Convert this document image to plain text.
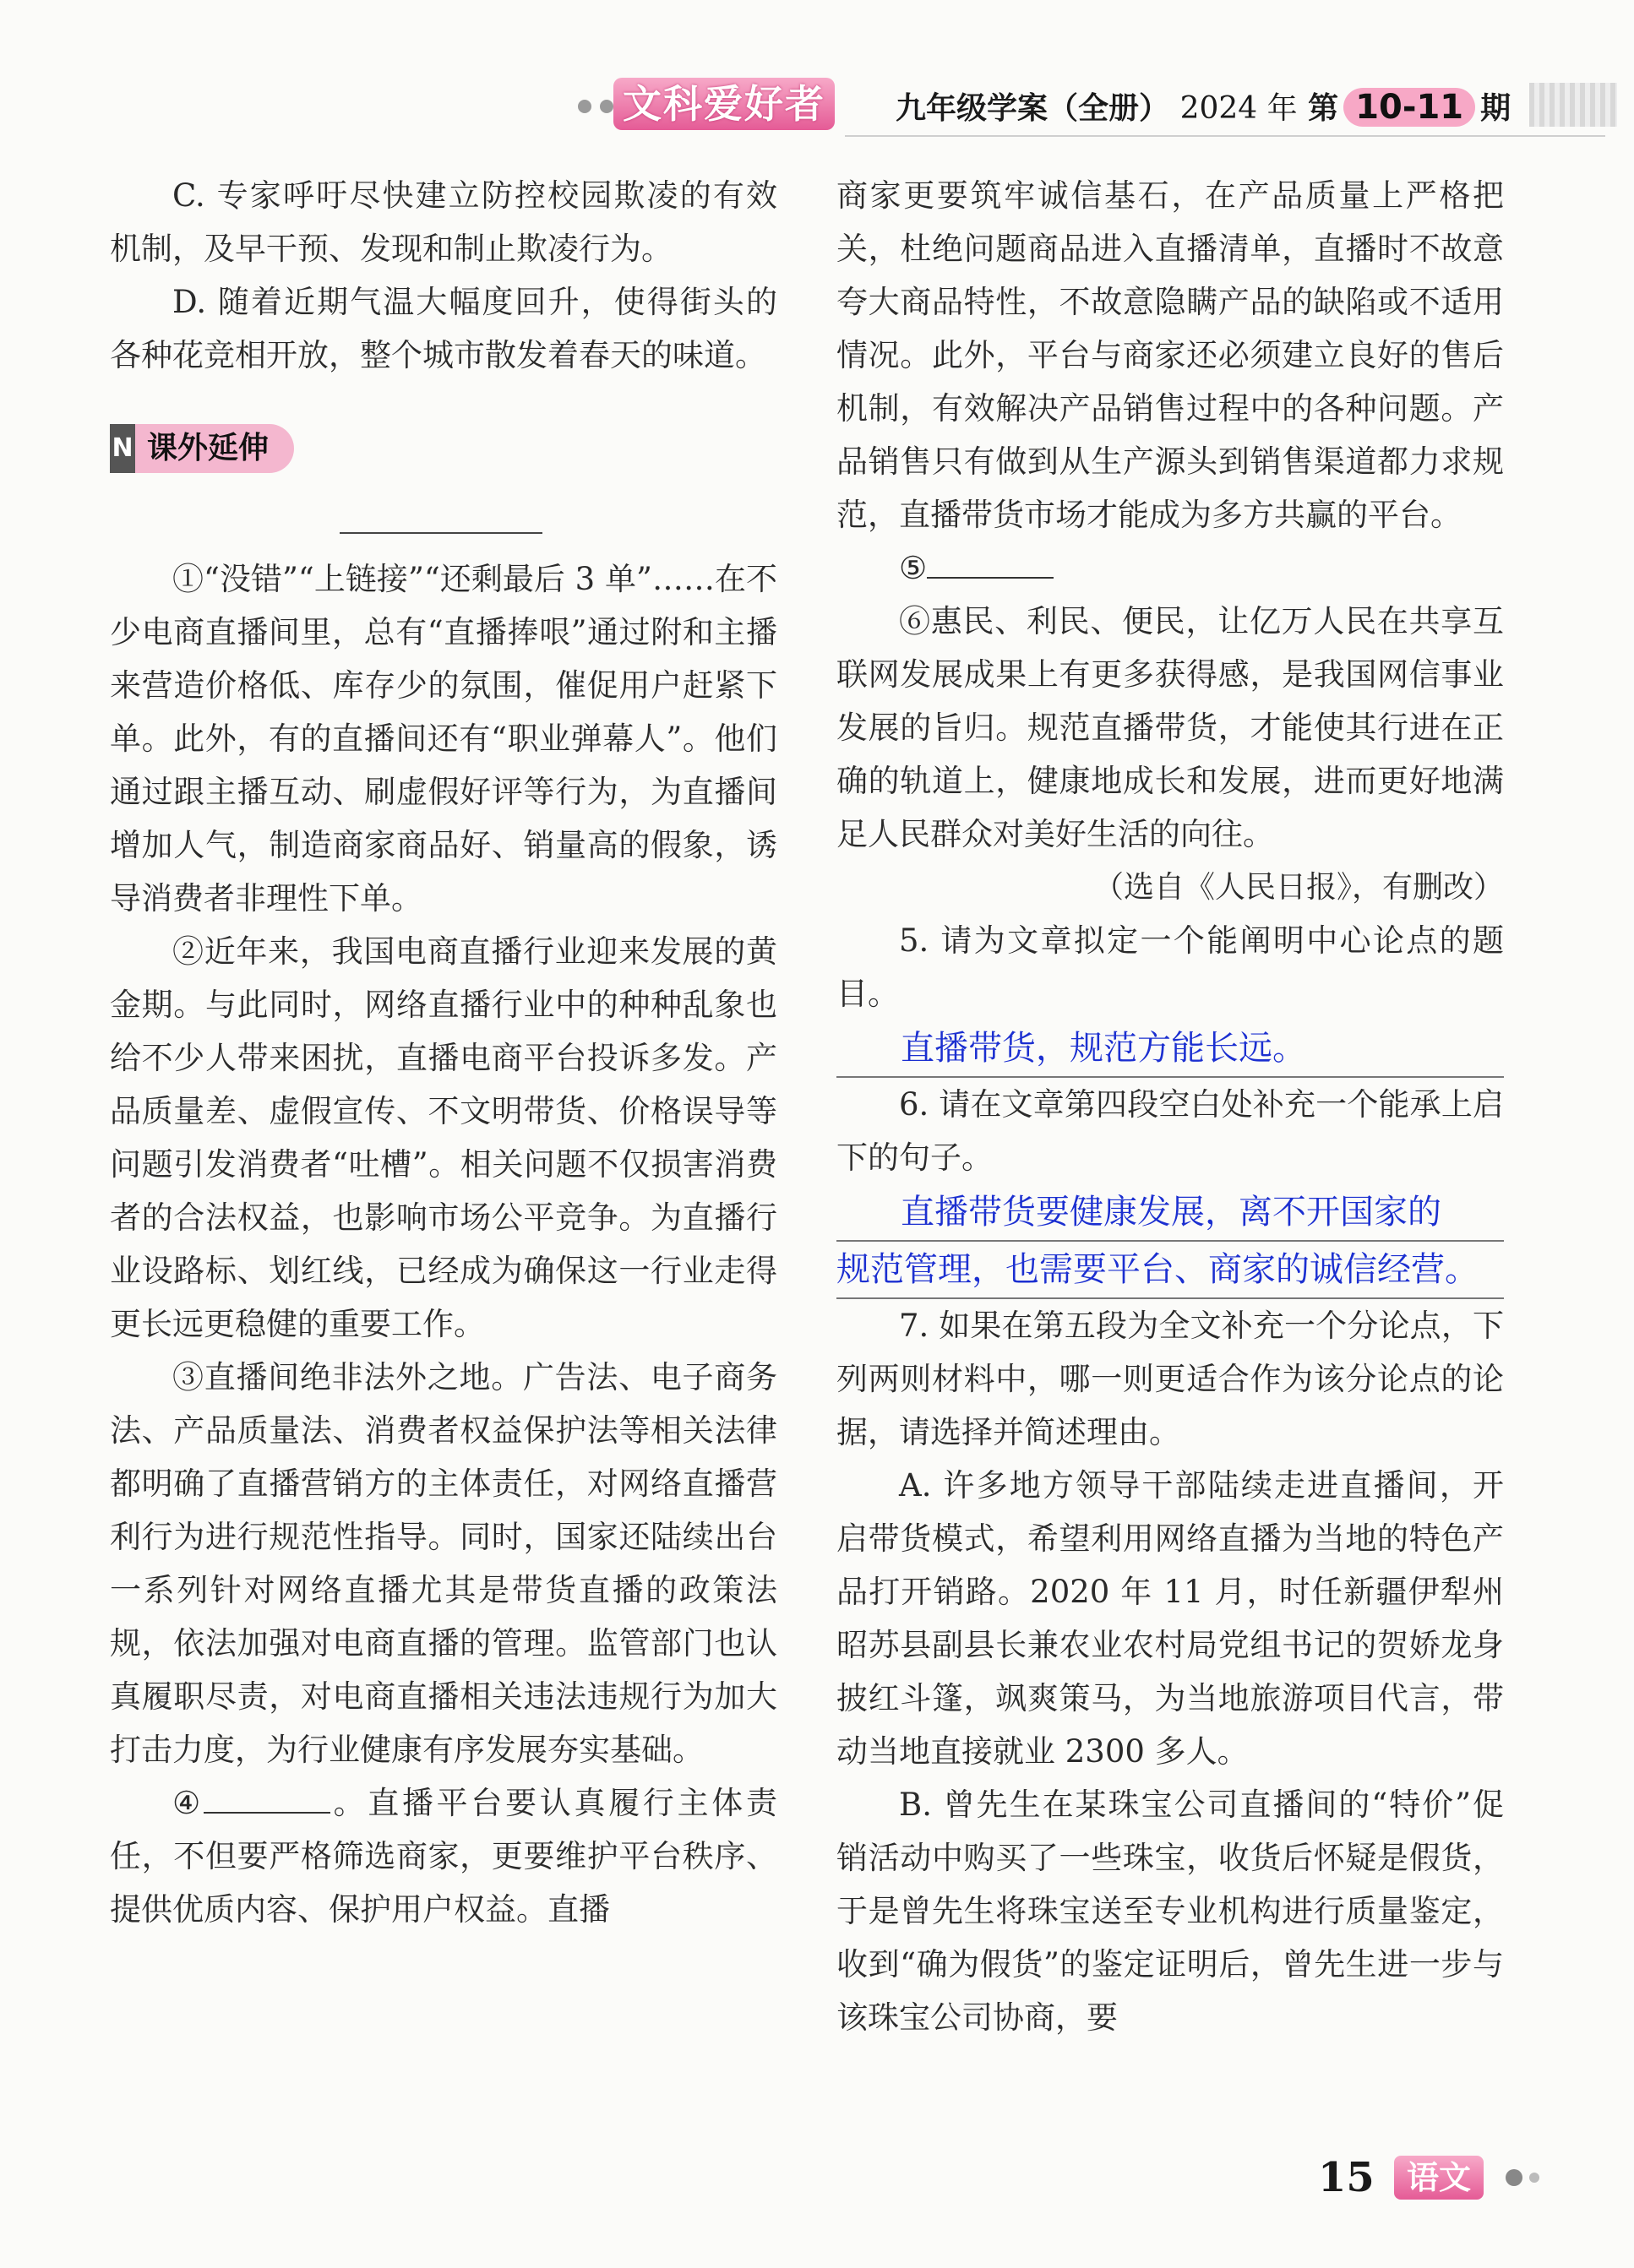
文科爱好者	九年级学案（全册） 2024 年 第 10-11 期

C. 专家呼吁尽快建立防控校园欺凌的有效机制，及早干预、发现和制止欺凌行为。

D. 随着近期气温大幅度回升，使得街头的各种花竞相开放，整个城市散发着春天的味道。

N 课外延伸

①“没错”“上链接”“还剩最后 3 单”……在不少电商直播间里，总有“直播捧哏”通过附和主播来营造价格低、库存少的氛围，催促用户赶紧下单。此外，有的直播间还有“职业弹幕人”。他们通过跟主播互动、刷虚假好评等行为，为直播间增加人气，制造商家商品好、销量高的假象，诱导消费者非理性下单。

②近年来，我国电商直播行业迎来发展的黄金期。与此同时，网络直播行业中的种种乱象也给不少人带来困扰，直播电商平台投诉多发。产品质量差、虚假宣传、不文明带货、价格误导等问题引发消费者“吐槽”。相关问题不仅损害消费者的合法权益，也影响市场公平竞争。为直播行业设路标、划红线，已经成为确保这一行业走得更长远更稳健的重要工作。

③直播间绝非法外之地。广告法、电子商务法、产品质量法、消费者权益保护法等相关法律都明确了直播营销方的主体责任，对网络直播营利行为进行规范性指导。同时，国家还陆续出台一系列针对网络直播尤其是带货直播的政策法规，依法加强对电商直播的管理。监管部门也认真履职尽责，对电商直播相关违法违规行为加大打击力度，为行业健康有序发展夯实基础。

④	。直播平台要认真履行主体责任，不但要严格筛选商家，更要维护平台秩序、提供优质内容、保护用户权益。直播

商家更要筑牢诚信基石，在产品质量上严格把关，杜绝问题商品进入直播清单，直播时不故意夸大商品特性，不故意隐瞒产品的缺陷或不适用情况。此外，平台与商家还必须建立良好的售后机制，有效解决产品销售过程中的各种问题。产品销售只有做到从生产源头到销售渠道都力求规范，直播带货市场才能成为多方共赢的平台。

⑤

⑥惠民、利民、便民，让亿万人民在共享互联网发展成果上有更多获得感，是我国网信事业发展的旨归。规范直播带货，才能使其行进在正确的轨道上，健康地成长和发展，进而更好地满足人民群众对美好生活的向往。

（选自《人民日报》，有删改）

5. 请为文章拟定一个能阐明中心论点的题目。

直播带货，规范方能长远。

6. 请在文章第四段空白处补充一个能承上启下的句子。

直播带货要健康发展，离不开国家的

规范管理，也需要平台、商家的诚信经营。

7. 如果在第五段为全文补充一个分论点，下列两则材料中，哪一则更适合作为该分论点的论据，请选择并简述理由。

A. 许多地方领导干部陆续走进直播间，开启带货模式，希望利用网络直播为当地的特色产品打开销路。2020 年 11 月，时任新疆伊犁州昭苏县副县长兼农业农村局党组书记的贺娇龙身披红斗篷，飒爽策马，为当地旅游项目代言，带动当地直接就业 2300 多人。

B. 曾先生在某珠宝公司直播间的“特价”促销活动中购买了一些珠宝，收货后怀疑是假货，于是曾先生将珠宝送至专业机构进行质量鉴定，收到“确为假货”的鉴定证明后，曾先生进一步与该珠宝公司协商，要

15	语文
